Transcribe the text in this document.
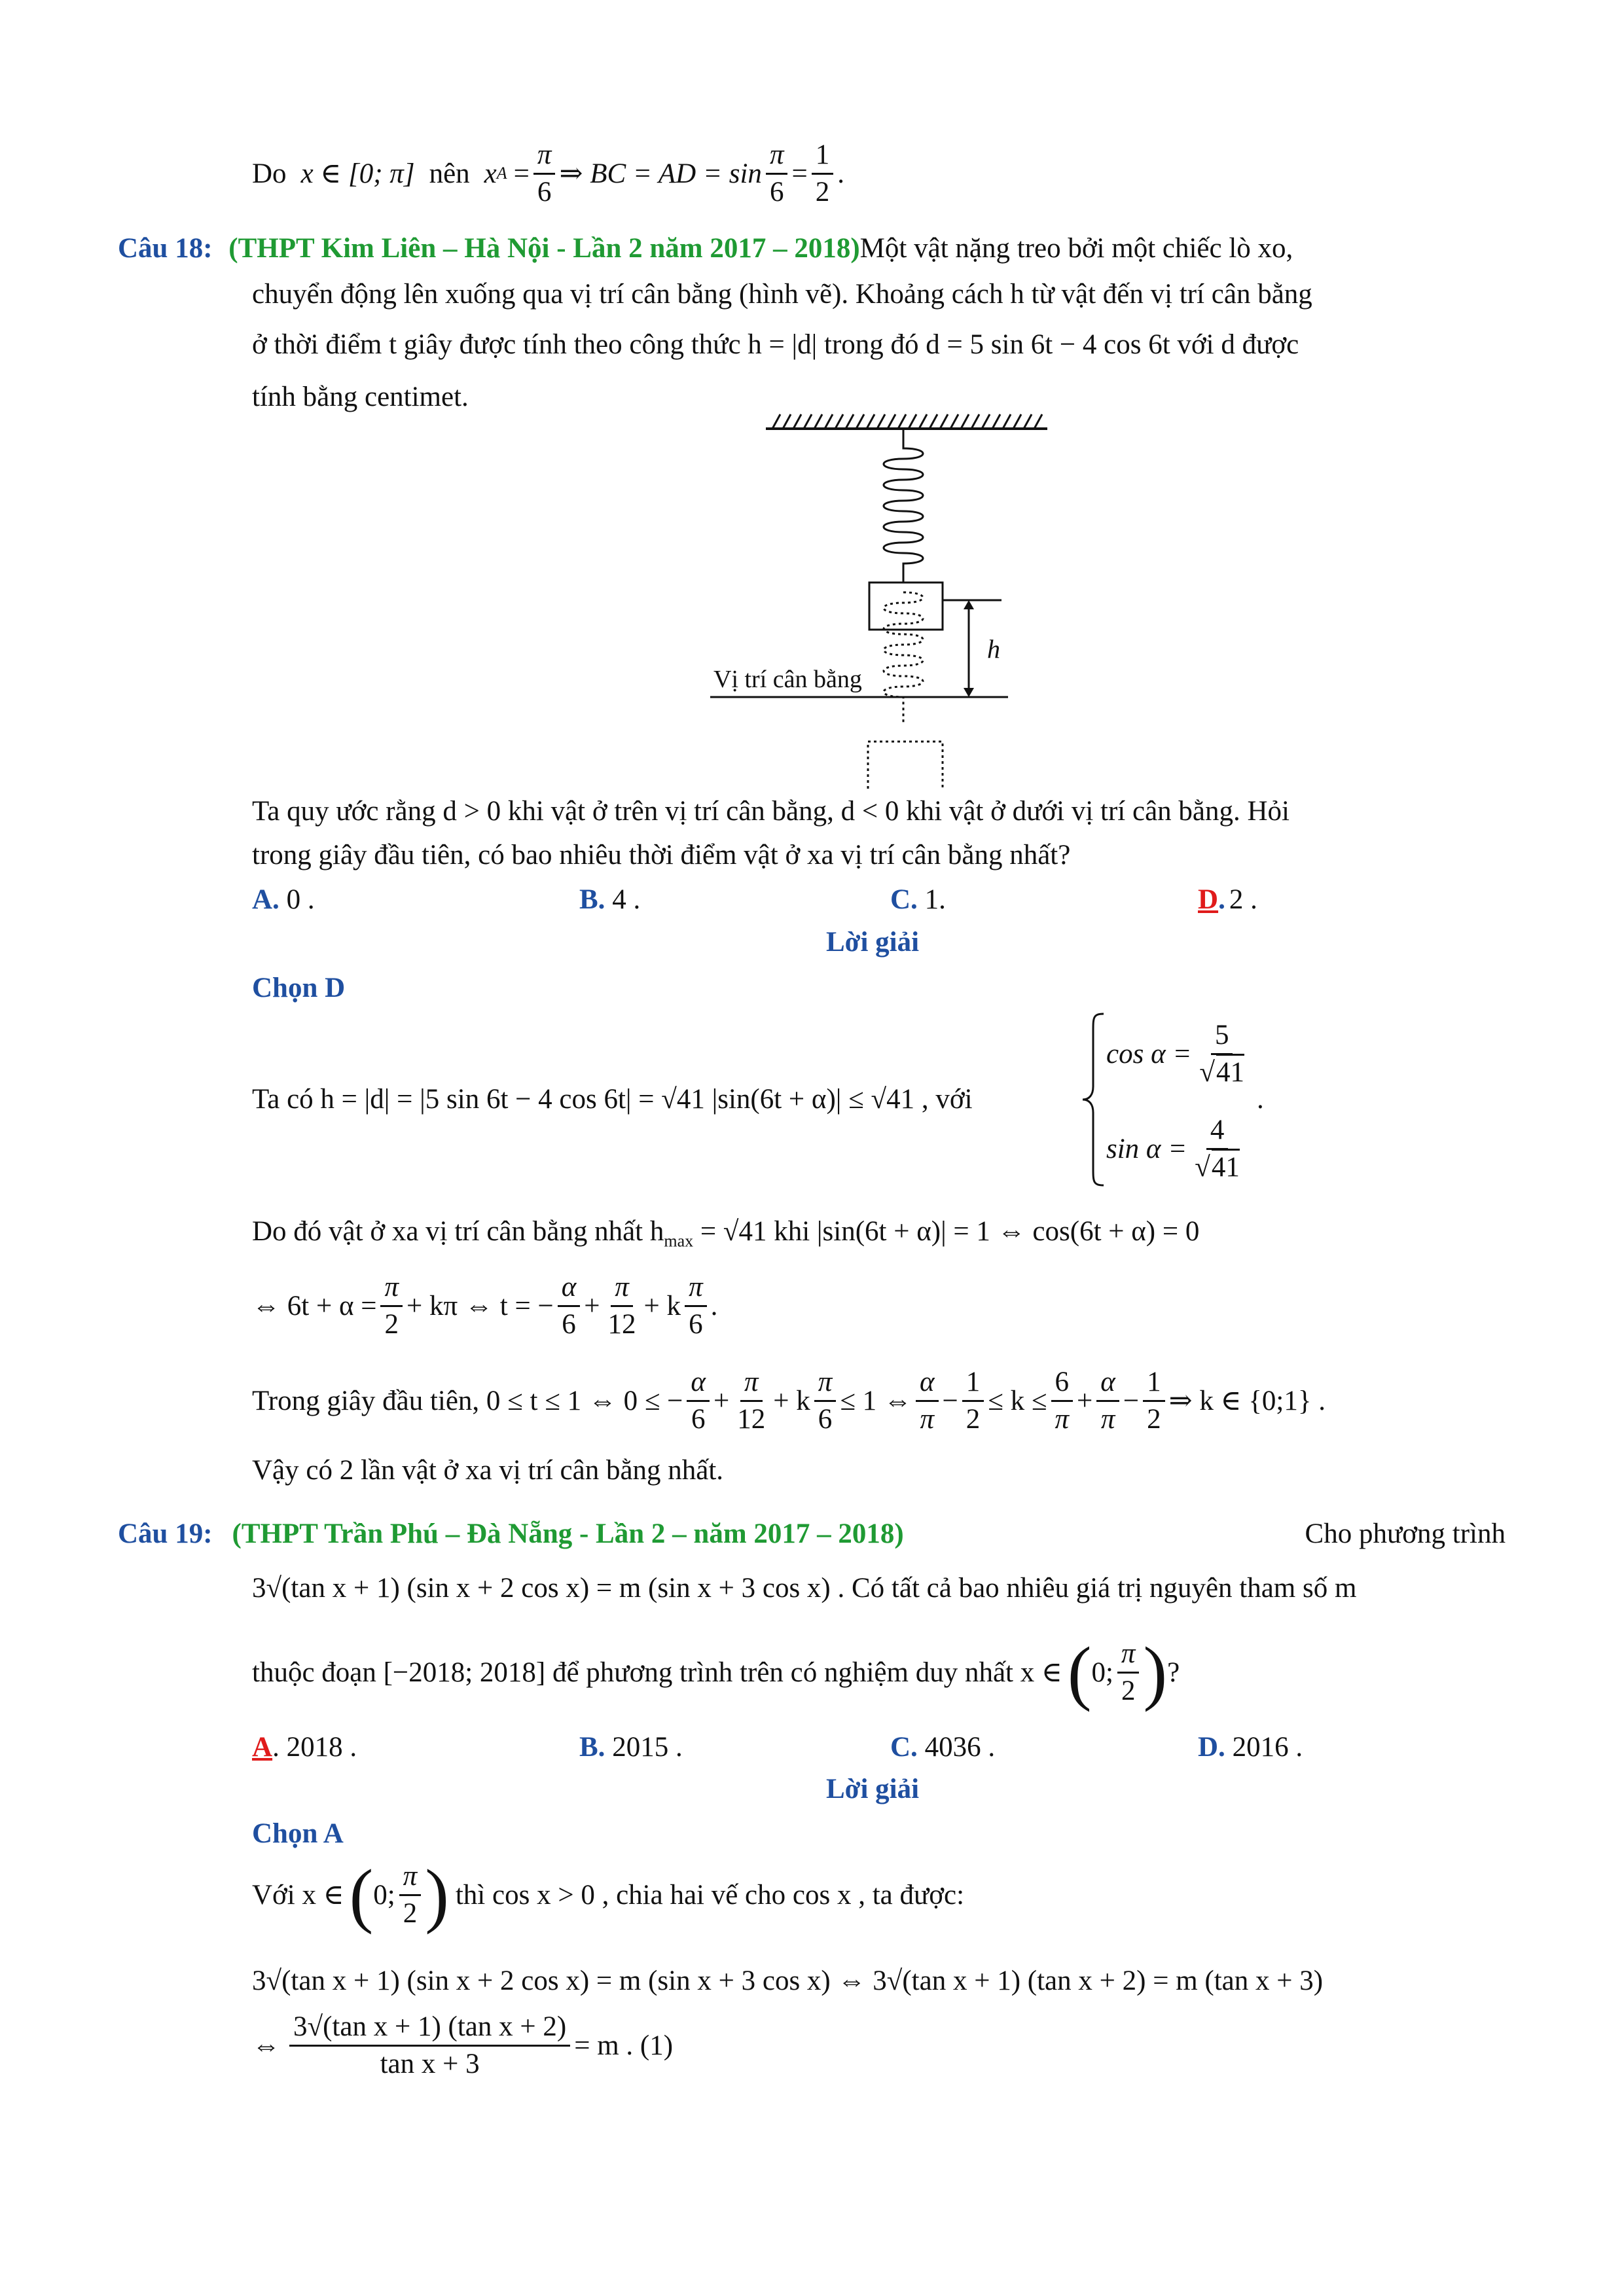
Do x ∈ [0; π] nên x $A = \frac{\pi}{6}$ ⇒ BC = AD = $\sin \frac{\pi}{6} = \frac{1}{2}$ .
Câu 18: (THPT Kim Liên – Hà Nội - Lần 2 năm 2017 – 2018)Một vật nặng treo bởi một chiếc lò xo,
chuyển động lên xuống qua vị trí cân bằng (hình vẽ). Khoảng cách h từ vật đến vị trí cân bằng
ở thời điểm t giây được tính theo công thức h = |d| trong đó d = 5 sin 6t − 4 cos 6t với d được
tính bằng centimet.
h
Vị trí cân bằng
Ta quy ước rằng d > 0 khi vật ở trên vị trí cân bằng, d < 0 khi vật ở dưới vị trí cân bằng. Hỏi
trong giây đầu tiên, có bao nhiêu thời điểm vật ở xa vị trí cân bằng nhất?
A. 0 .	B. 4 .	C. 1.	D. 2 .
Lời giải
Chọn D
Ta có h = |d| = |5 sin 6t − 4 cos 6t| = √41 |sin(6t + α)| ≤ √41 , với
$\cos \alpha = \frac{5}{√41}$
$\sin \alpha = \frac{4}{√41}$
.
Do đó vật ở xa vị trí cân bằng nhất $h_{max} = √41$ khi |sin(6t + α)| = 1 ⇔ cos(6t + α) = 0
⇔ $6t + \alpha = \frac{\pi}{2} + k\pi$ ⇔ t = − $\frac{\alpha}{6} + \frac{\pi}{12} + k \frac{\pi}{6}$ .
Trong giây đầu tiên, 0 ≤ t ≤ 1 ⇔ 0 ≤ − $\frac{\alpha}{6} + \frac{\pi}{12} + k \frac{\pi}{6} \le 1$ ⇔ $\frac{\alpha}{\pi} - \frac{1}{2} \le k \le \frac{6}{\pi} + \frac{\alpha}{\pi} - \frac{1}{2}$ ⇒ k ∈ {0;1} .
Vậy có 2 lần vật ở xa vị trí cân bằng nhất.
Câu 19: (THPT Trần Phú – Đà Nẵng - Lần 2 – năm 2017 – 2018)	Cho phương trình
3√(tan x + 1) (sin x + 2 cos x) = m (sin x + 3 cos x) . Có tất cả bao nhiêu giá trị nguyên tham số m
thuộc đoạn [−2018; 2018] để phương trình trên có nghiệm duy nhất x ∈ ( 0; $\frac{\pi}{2}$ ) ?
A. 2018 .	B. 2015 .	C. 4036 .	D. 2016 .
Lời giải
Chọn A
Với x ∈ ( 0; $\frac{\pi}{2}$ ) thì cos x > 0 , chia hai vế cho cos x , ta được:
3√(tan x + 1) (sin x + 2 cos x) = m (sin x + 3 cos x) ⇔ 3√(tan x + 1) (tan x + 2) = m (tan x + 3)
⇔ $\frac{\text{3√(tan x + 1) (tan x + 2)}}{\text{tan x + 3}} = m$ . (1)
